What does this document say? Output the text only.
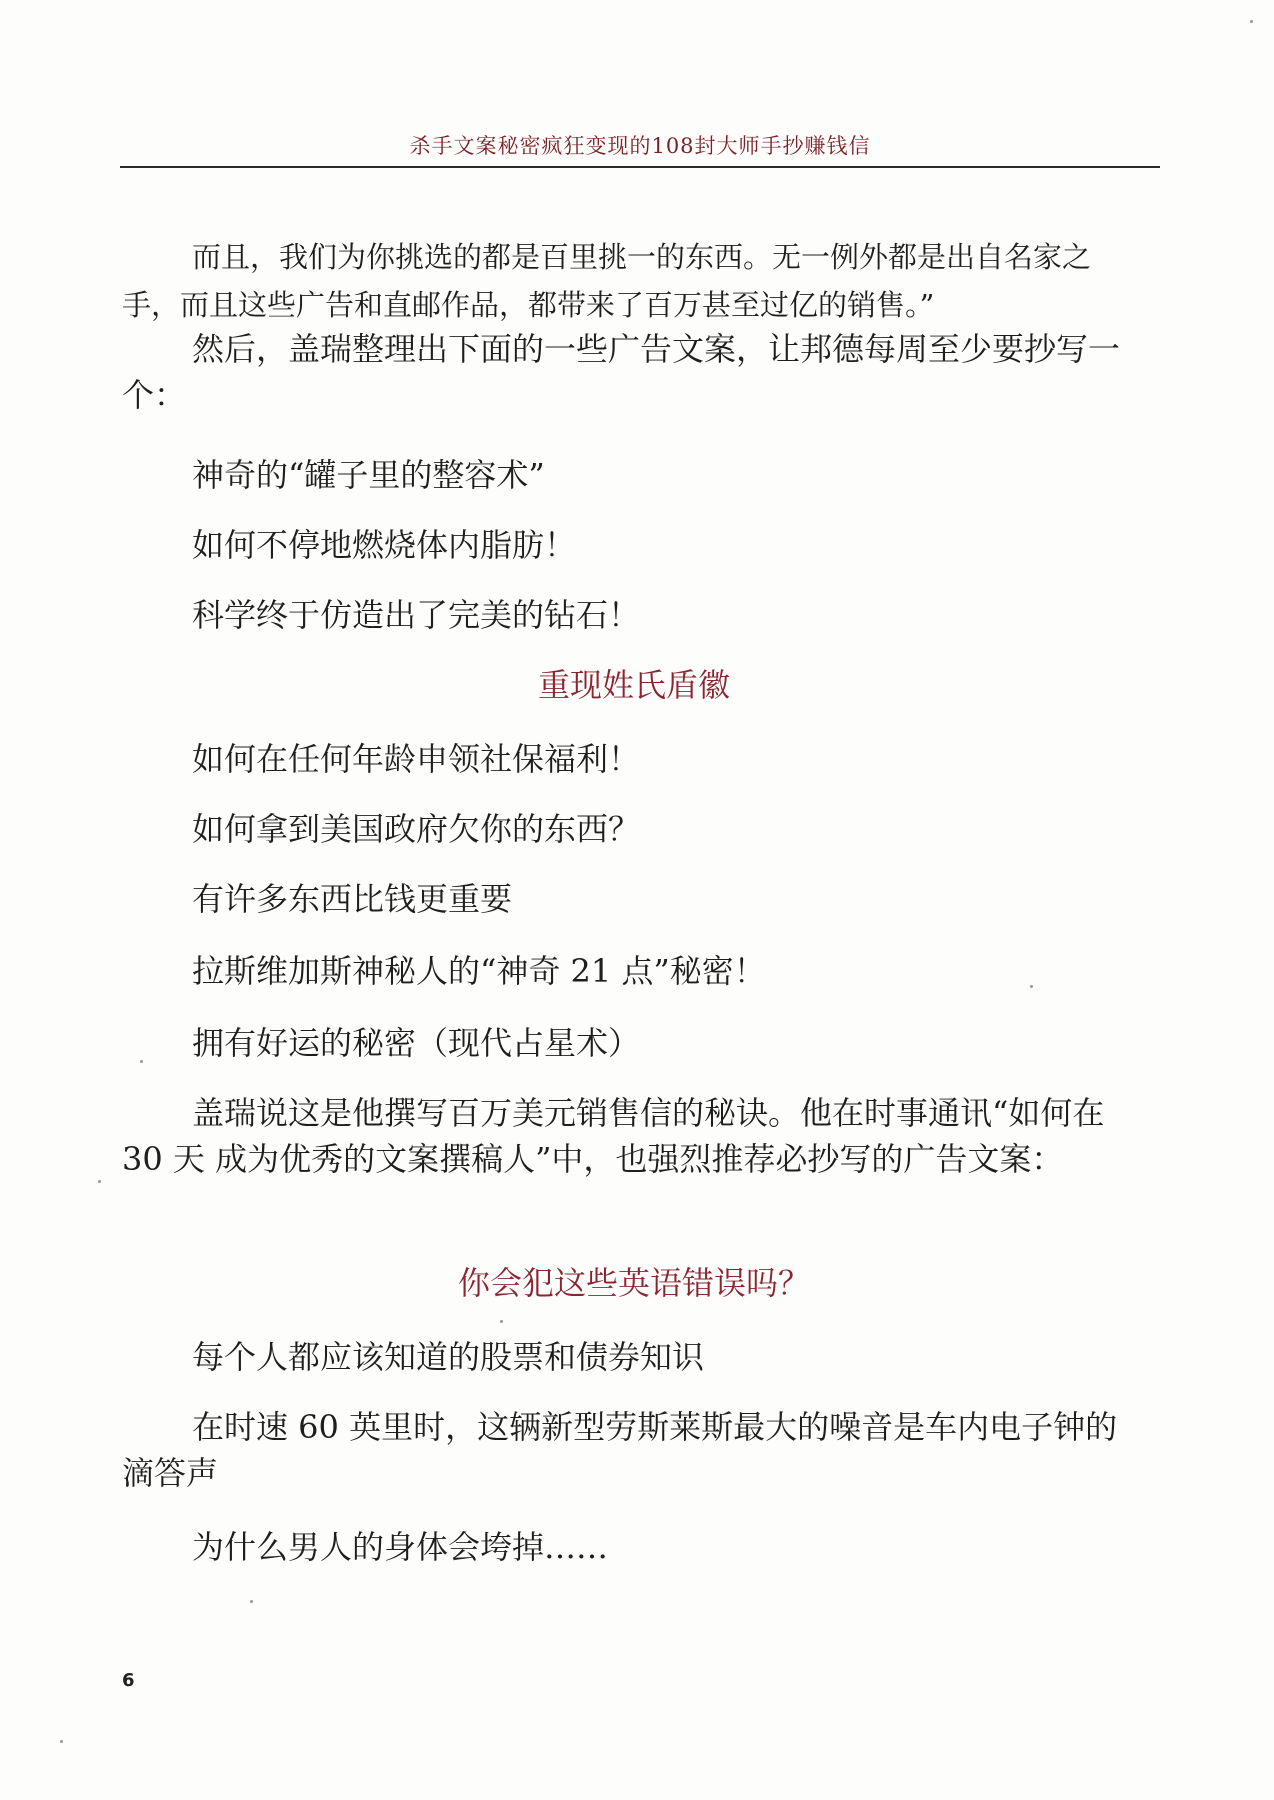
杀手文案秘密疯狂变现的108封大师手抄赚钱信

而且，我们为你挑选的都是百里挑一的东西。无一例外都是出自名家之 手，而且这些广告和直邮作品，都带来了百万甚至过亿的销售。”

然后，盖瑞整理出下面的一些广告文案，让邦德每周至少要抄写一个：

神奇的“罐子里的整容术”
如何不停地燃烧体内脂肪！
科学终于仿造出了完美的钻石！
重现姓氏盾徽
如何在任何年龄申领社保福利！
如何拿到美国政府欠你的东西？
有许多东西比钱更重要
拉斯维加斯神秘人的“神奇 21 点”秘密！
拥有好运的秘密（现代占星术）

盖瑞说这是他撰写百万美元销售信的秘诀。他在时事通讯“如何在 30 天 成为优秀的文案撰稿人”中，也强烈推荐必抄写的广告文案：

你会犯这些英语错误吗？
每个人都应该知道的股票和债券知识

在时速 60 英里时，这辆新型劳斯莱斯最大的噪音是车内电子钟的滴答声

为什么男人的身体会垮掉……
6
